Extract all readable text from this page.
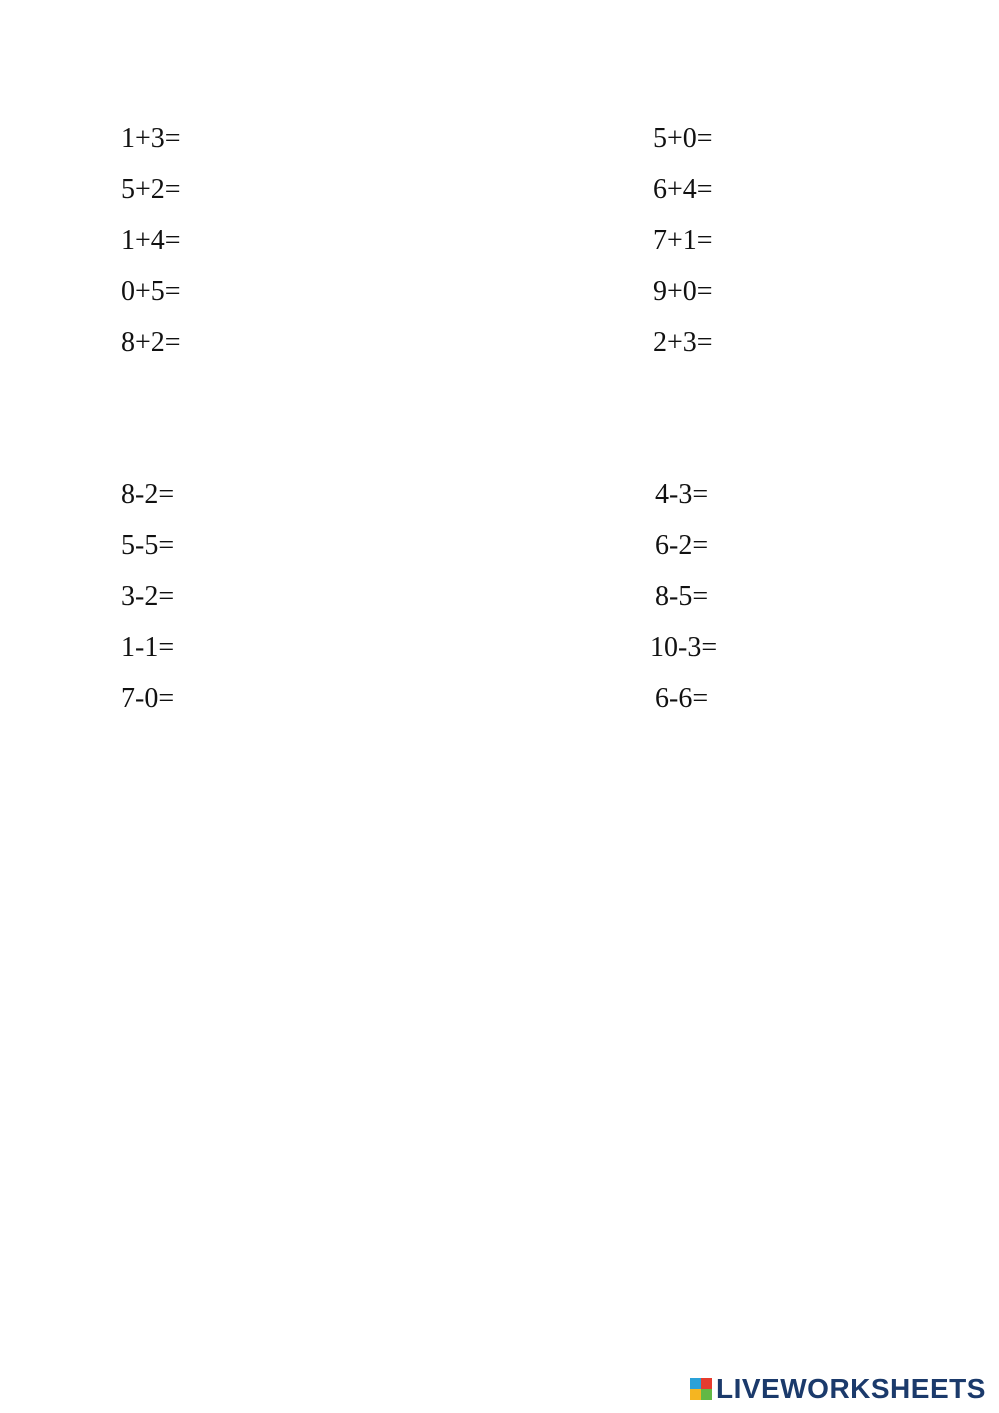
1+3=
5+2=
1+4=
0+5=
8+2=
5+0=
6+4=
7+1=
9+0=
2+3=
8-2=
5-5=
3-2=
1-1=
7-0=
4-3=
6-2=
8-5=
10-3=
6-6=
LIVEWORKSHEETS
